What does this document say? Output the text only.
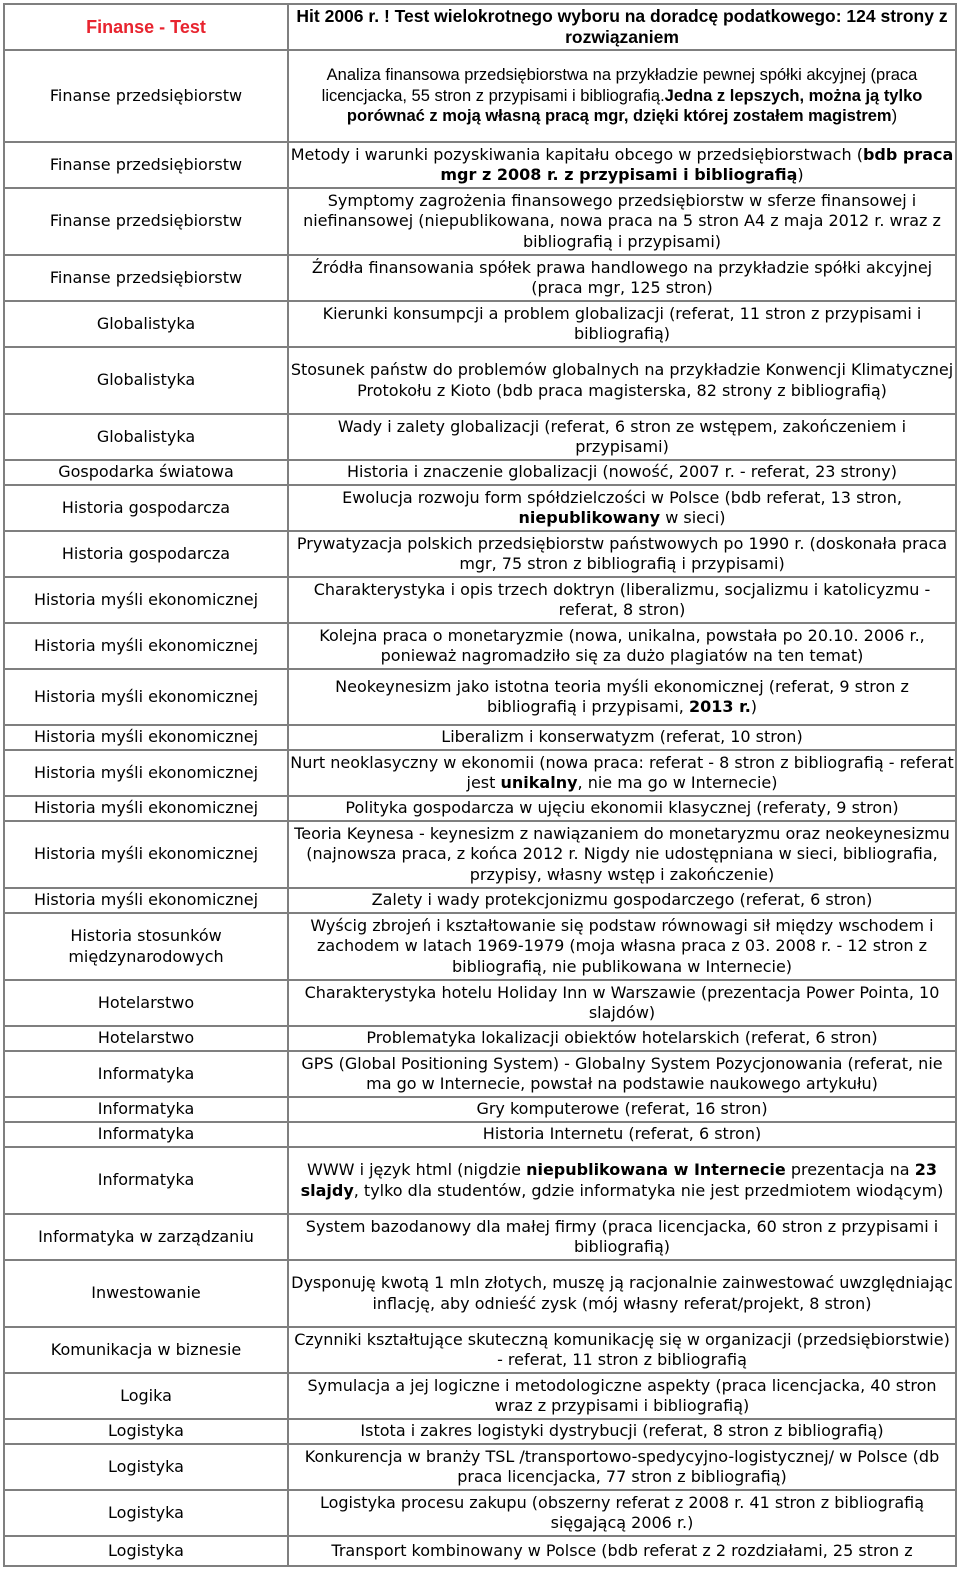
Finanse - Test	Hit 2006 r. ! Test wielokrotnego wyboru na doradcę podatkowego: 124 strony z rozwiązaniem
Finanse przedsiębiorstw	Analiza finansowa przedsiębiorstwa na przykładzie pewnej spółki akcyjnej (praca licencjacka, 55 stron z przypisami i bibliografią.Jedna z lepszych, można ją tylko porównać z moją własną pracą mgr, dzięki której zostałem magistrem)
Finanse przedsiębiorstw	Metody i warunki pozyskiwania kapitału obcego w przedsiębiorstwach (bdb praca mgr z 2008 r. z przypisami i bibliografią)
Finanse przedsiębiorstw	Symptomy zagrożenia finansowego przedsiębiorstw w sferze finansowej i niefinansowej (niepublikowana, nowa praca na 5 stron A4 z maja 2012 r. wraz z bibliografią i przypisami)
Finanse przedsiębiorstw	Źródła finansowania spółek prawa handlowego na przykładzie spółki akcyjnej (praca mgr, 125 stron)
Globalistyka	Kierunki konsumpcji a problem globalizacji (referat, 11 stron z przypisami i bibliografią)
Globalistyka	Stosunek państw do problemów globalnych na przykładzie Konwencji Klimatycznej Protokołu z Kioto (bdb praca magisterska, 82 strony z bibliografią)
Globalistyka	Wady i zalety globalizacji (referat, 6 stron ze wstępem, zakończeniem i przypisami)
Gospodarka światowa	Historia i znaczenie globalizacji (nowość, 2007 r. - referat, 23 strony)
Historia gospodarcza	Ewolucja rozwoju form spółdzielczości w Polsce (bdb referat, 13 stron, niepublikowany w sieci)
Historia gospodarcza	Prywatyzacja polskich przedsiębiorstw państwowych po 1990 r. (doskonała praca mgr, 75 stron z bibliografią i przypisami)
Historia myśli ekonomicznej	Charakterystyka i opis trzech doktryn (liberalizmu, socjalizmu i katolicyzmu - referat, 8 stron)
Historia myśli ekonomicznej	Kolejna praca o monetaryzmie (nowa, unikalna, powstała po 20.10. 2006 r., ponieważ nagromadziło się za dużo plagiatów na ten temat)
Historia myśli ekonomicznej	Neokeynesizm jako istotna teoria myśli ekonomicznej (referat, 9 stron z bibliografią i przypisami, 2013 r.)
Historia myśli ekonomicznej	Liberalizm i konserwatyzm (referat, 10 stron)
Historia myśli ekonomicznej	Nurt neoklasyczny w ekonomii (nowa praca: referat - 8 stron z bibliografią - referat jest unikalny, nie ma go w Internecie)
Historia myśli ekonomicznej	Polityka gospodarcza w ujęciu ekonomii klasycznej (referaty, 9 stron)
Historia myśli ekonomicznej	Teoria Keynesa - keynesizm z nawiązaniem do monetaryzmu oraz neokeynesizmu (najnowsza praca, z końca 2012 r. Nigdy nie udostępniana w sieci, bibliografia, przypisy, własny wstęp i zakończenie)
Historia myśli ekonomicznej	Zalety i wady protekcjonizmu gospodarczego (referat, 6 stron)
Historia stosunków międzynarodowych	Wyścig zbrojeń i kształtowanie się podstaw równowagi sił między wschodem i zachodem w latach 1969-1979 (moja własna praca z 03. 2008 r. - 12 stron z bibliografią, nie publikowana w Internecie)
Hotelarstwo	Charakterystyka hotelu Holiday Inn w Warszawie (prezentacja Power Pointa, 10 slajdów)
Hotelarstwo	Problematyka lokalizacji obiektów hotelarskich (referat, 6 stron)
Informatyka	GPS (Global Positioning System) - Globalny System Pozycjonowania (referat, nie ma go w Internecie, powstał na podstawie naukowego artykułu)
Informatyka	Gry komputerowe (referat, 16 stron)
Informatyka	Historia Internetu (referat, 6 stron)
Informatyka	WWW i język html (nigdzie niepublikowana w Internecie prezentacja na 23 slajdy, tylko dla studentów, gdzie informatyka nie jest przedmiotem wiodącym)
Informatyka w zarządzaniu	System bazodanowy dla małej firmy (praca licencjacka, 60 stron z przypisami i bibliografią)
Inwestowanie	Dysponuję kwotą 1 mln złotych, muszę ją racjonalnie zainwestować uwzględniając inflację, aby odnieść zysk (mój własny referat/projekt, 8 stron)
Komunikacja w biznesie	Czynniki kształtujące skuteczną komunikację się w organizacji (przedsiębiorstwie) - referat, 11 stron z bibliografią
Logika	Symulacja a jej logiczne i metodologiczne aspekty (praca licencjacka, 40 stron wraz z przypisami i bibliografią)
Logistyka	Istota i zakres logistyki dystrybucji (referat, 8 stron z bibliografią)
Logistyka	Konkurencja w branży TSL /transportowo-spedycyjno-logistycznej/ w Polsce (db praca licencjacka, 77 stron z bibliografią)
Logistyka	Logistyka procesu zakupu (obszerny referat z 2008 r. 41 stron z bibliografią sięgającą 2006 r.)
Logistyka	Transport kombinowany w Polsce (bdb referat z 2 rozdziałami, 25 stron z
